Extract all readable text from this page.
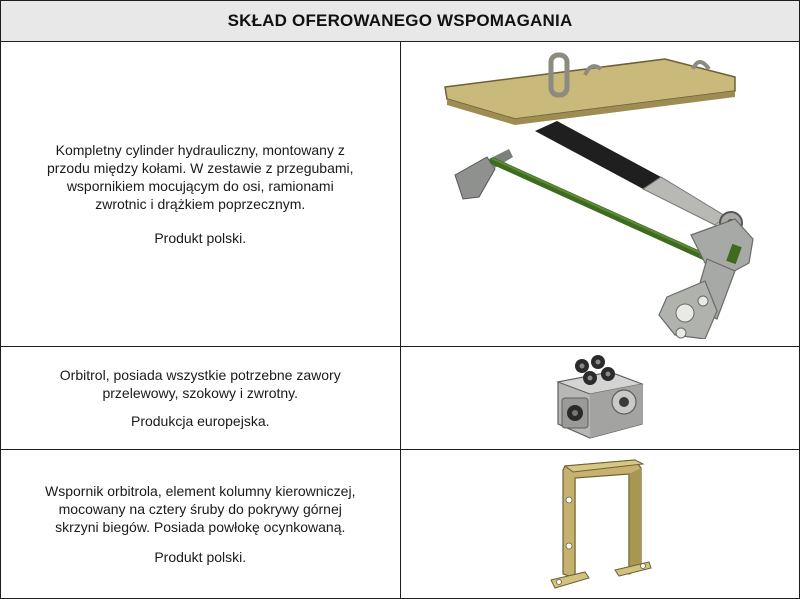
SKŁAD OFEROWANEGO WSPOMAGANIA	

Kompletny cylinder hydrauliczny, montowany z
przodu między kołami. W zestawie z przegubami,
wspornikiem mocującym do osi, ramionami
zwrotnic i drążkiem poprzecznym.
Produkt polski.

Orbitrol, posiada wszystkie potrzebne zawory
przelewowy, szokowy i zwrotny.
Produkcja europejska.

Wspornik orbitrola, element kolumny kierowniczej,
mocowany na cztery śruby do pokrywy górnej
skrzyni biegów. Posiada powłokę ocynkowaną.
Produkt polski.
